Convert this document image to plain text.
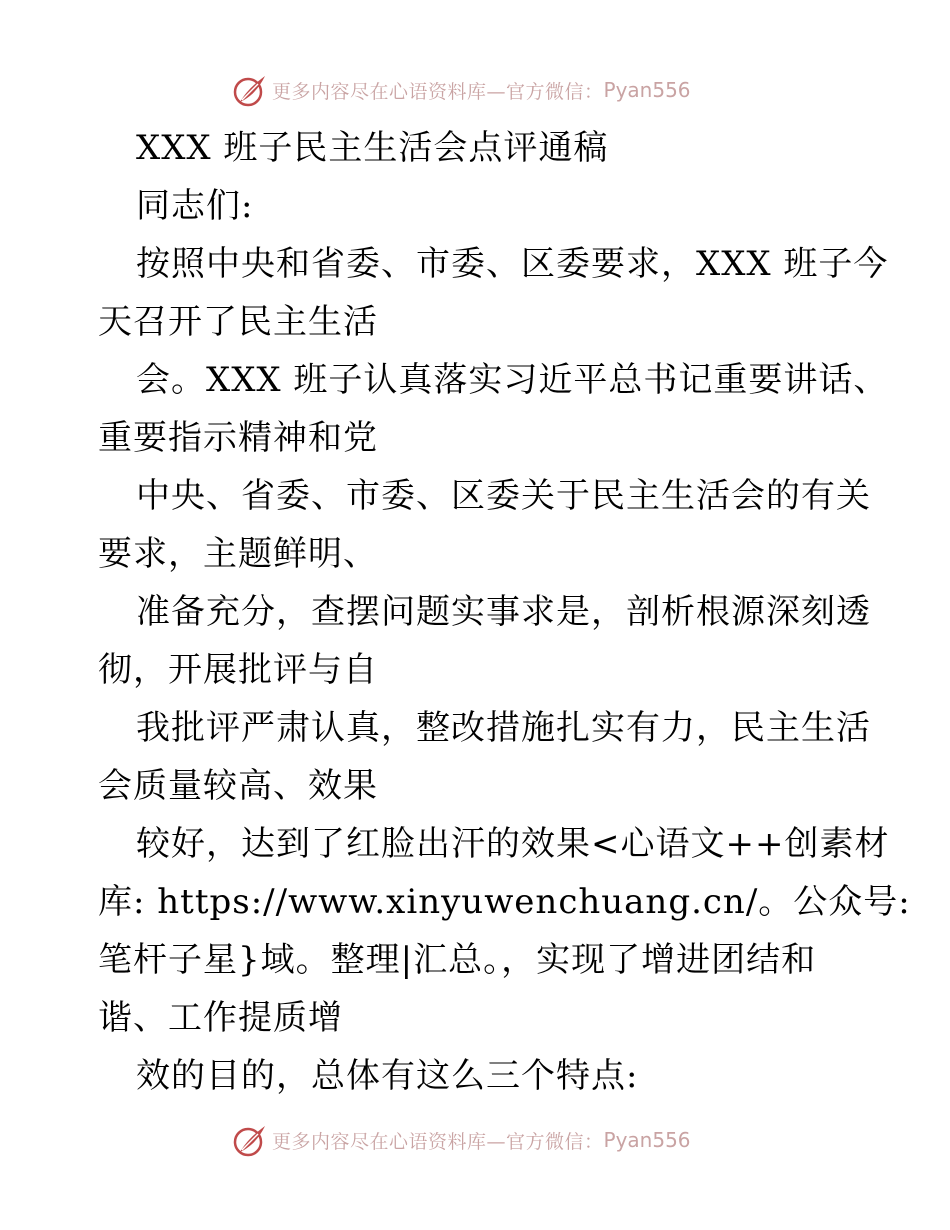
更多内容尽在心语资料库—官方微信： Pyan556
XXX 班子民主生活会点评通稿
同志们:
按照中央和省委、市委、区委要求，XXX 班子今
天召开了民主生活
会。XXX 班子认真落实习近平总书记重要讲话、
重要指示精神和党
中央、省委、市委、区委关于民主生活会的有关
要求，主题鲜明、
准备充分，查摆问题实事求是，剖析根源深刻透
彻，开展批评与自
我批评严肃认真，整改措施扎实有力，民主生活
会质量较高、效果
较好，达到了红脸出汗的效果<心语文++创素材
库: https://www.xinyuwenchuang.cn/。公众号:
笔杆子星}域。整理|汇总。，实现了增进团结和
谐、工作提质增
效的目的，总体有这么三个特点:
更多内容尽在心语资料库—官方微信： Pyan556
